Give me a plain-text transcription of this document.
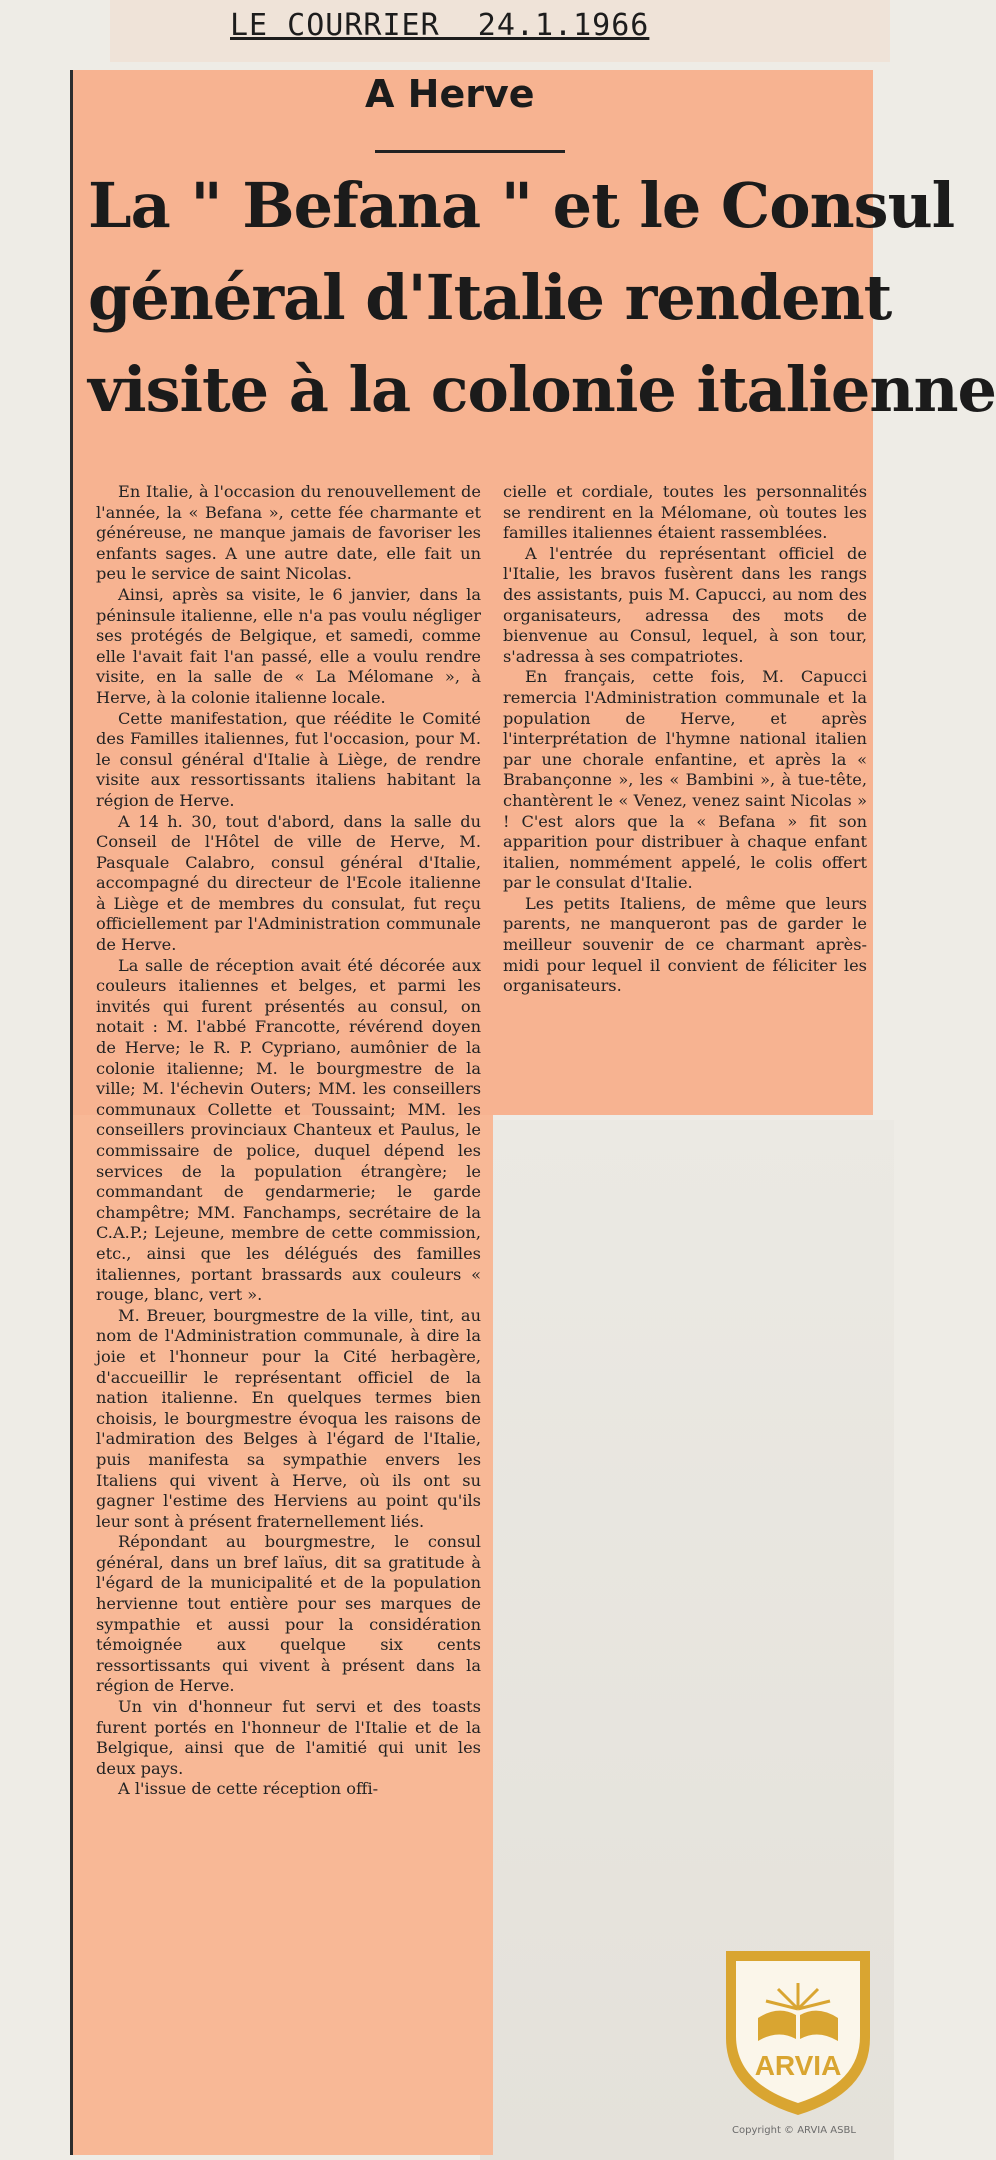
LE COURRIER  24.1.1966
A Herve
La " Befana " et le Consul
général d'Italie rendent
visite à la colonie italienne

En Italie, à l'occasion du renouvellement de l'année, la « Befana », cette fée charmante et généreuse, ne manque jamais de favoriser les enfants sages. A une autre date, elle fait un peu le service de saint Nicolas.

Ainsi, après sa visite, le 6 janvier, dans la péninsule italienne, elle n'a pas voulu négliger ses protégés de Belgique, et samedi, comme elle l'avait fait l'an passé, elle a voulu rendre visite, en la salle de « La Mélomane », à Herve, à la colonie italienne locale.

Cette manifestation, que réédite le Comité des Familles italiennes, fut l'occasion, pour M. le consul général d'Italie à Liège, de rendre visite aux ressortissants italiens habitant la région de Herve.

A 14 h. 30, tout d'abord, dans la salle du Conseil de l'Hôtel de ville de Herve, M. Pasquale Calabro, consul général d'Italie, accompagné du directeur de l'Ecole italienne à Liège et de membres du consulat, fut reçu officiellement par l'Administration communale de Herve.

La salle de réception avait été décorée aux couleurs italiennes et belges, et parmi les invités qui furent présentés au consul, on notait : M. l'abbé Francotte, révérend doyen de Herve; le R. P. Cypriano, aumônier de la colonie italienne; M. le bourgmestre de la ville; M. l'échevin Outers; MM. les conseillers communaux Collette et Toussaint; MM. les conseillers provinciaux Chanteux et Paulus, le commissaire de police, duquel dépend les services de la population étrangère; le commandant de gendarmerie; le garde champêtre; MM. Fanchamps, secrétaire de la C.A.P.; Lejeune, membre de cette commission, etc., ainsi que les délégués des familles italiennes, portant brassards aux couleurs « rouge, blanc, vert ».

M. Breuer, bourgmestre de la ville, tint, au nom de l'Administration communale, à dire la joie et l'honneur pour la Cité herbagère, d'accueillir le représentant officiel de la nation italienne. En quelques termes bien choisis, le bourgmestre évoqua les raisons de l'admiration des Belges à l'égard de l'Italie, puis manifesta sa sympathie envers les Italiens qui vivent à Herve, où ils ont su gagner l'estime des Herviens au point qu'ils leur sont à présent fraternellement liés.

Répondant au bourgmestre, le consul général, dans un bref laïus, dit sa gratitude à l'égard de la municipalité et de la population hervienne tout entière pour ses marques de sympathie et aussi pour la considération témoignée aux quelque six cents ressortissants qui vivent à présent dans la région de Herve.

Un vin d'honneur fut servi et des toasts furent portés en l'honneur de l'Italie et de la Belgique, ainsi que de l'amitié qui unit les deux pays.

A l'issue de cette réception offi-

cielle et cordiale, toutes les personnalités se rendirent en la Mélomane, où toutes les familles italiennes étaient rassemblées.

A l'entrée du représentant officiel de l'Italie, les bravos fusèrent dans les rangs des assistants, puis M. Capucci, au nom des organisateurs, adressa des mots de bienvenue au Consul, lequel, à son tour, s'adressa à ses compatriotes.

En français, cette fois, M. Capucci remercia l'Administration communale et la population de Herve, et après l'interprétation de l'hymne national italien par une chorale enfantine, et après la « Brabançonne », les « Bambini », à tue-tête, chantèrent le « Venez, venez saint Nicolas » ! C'est alors que la « Befana » fit son apparition pour distribuer à chaque enfant italien, nommément appelé, le colis offert par le consulat d'Italie.

Les petits Italiens, de même que leurs parents, ne manqueront pas de garder le meilleur souvenir de ce charmant après-midi pour lequel il convient de féliciter les organisateurs.

ARVIA
Copyright © ARVIA ASBL
